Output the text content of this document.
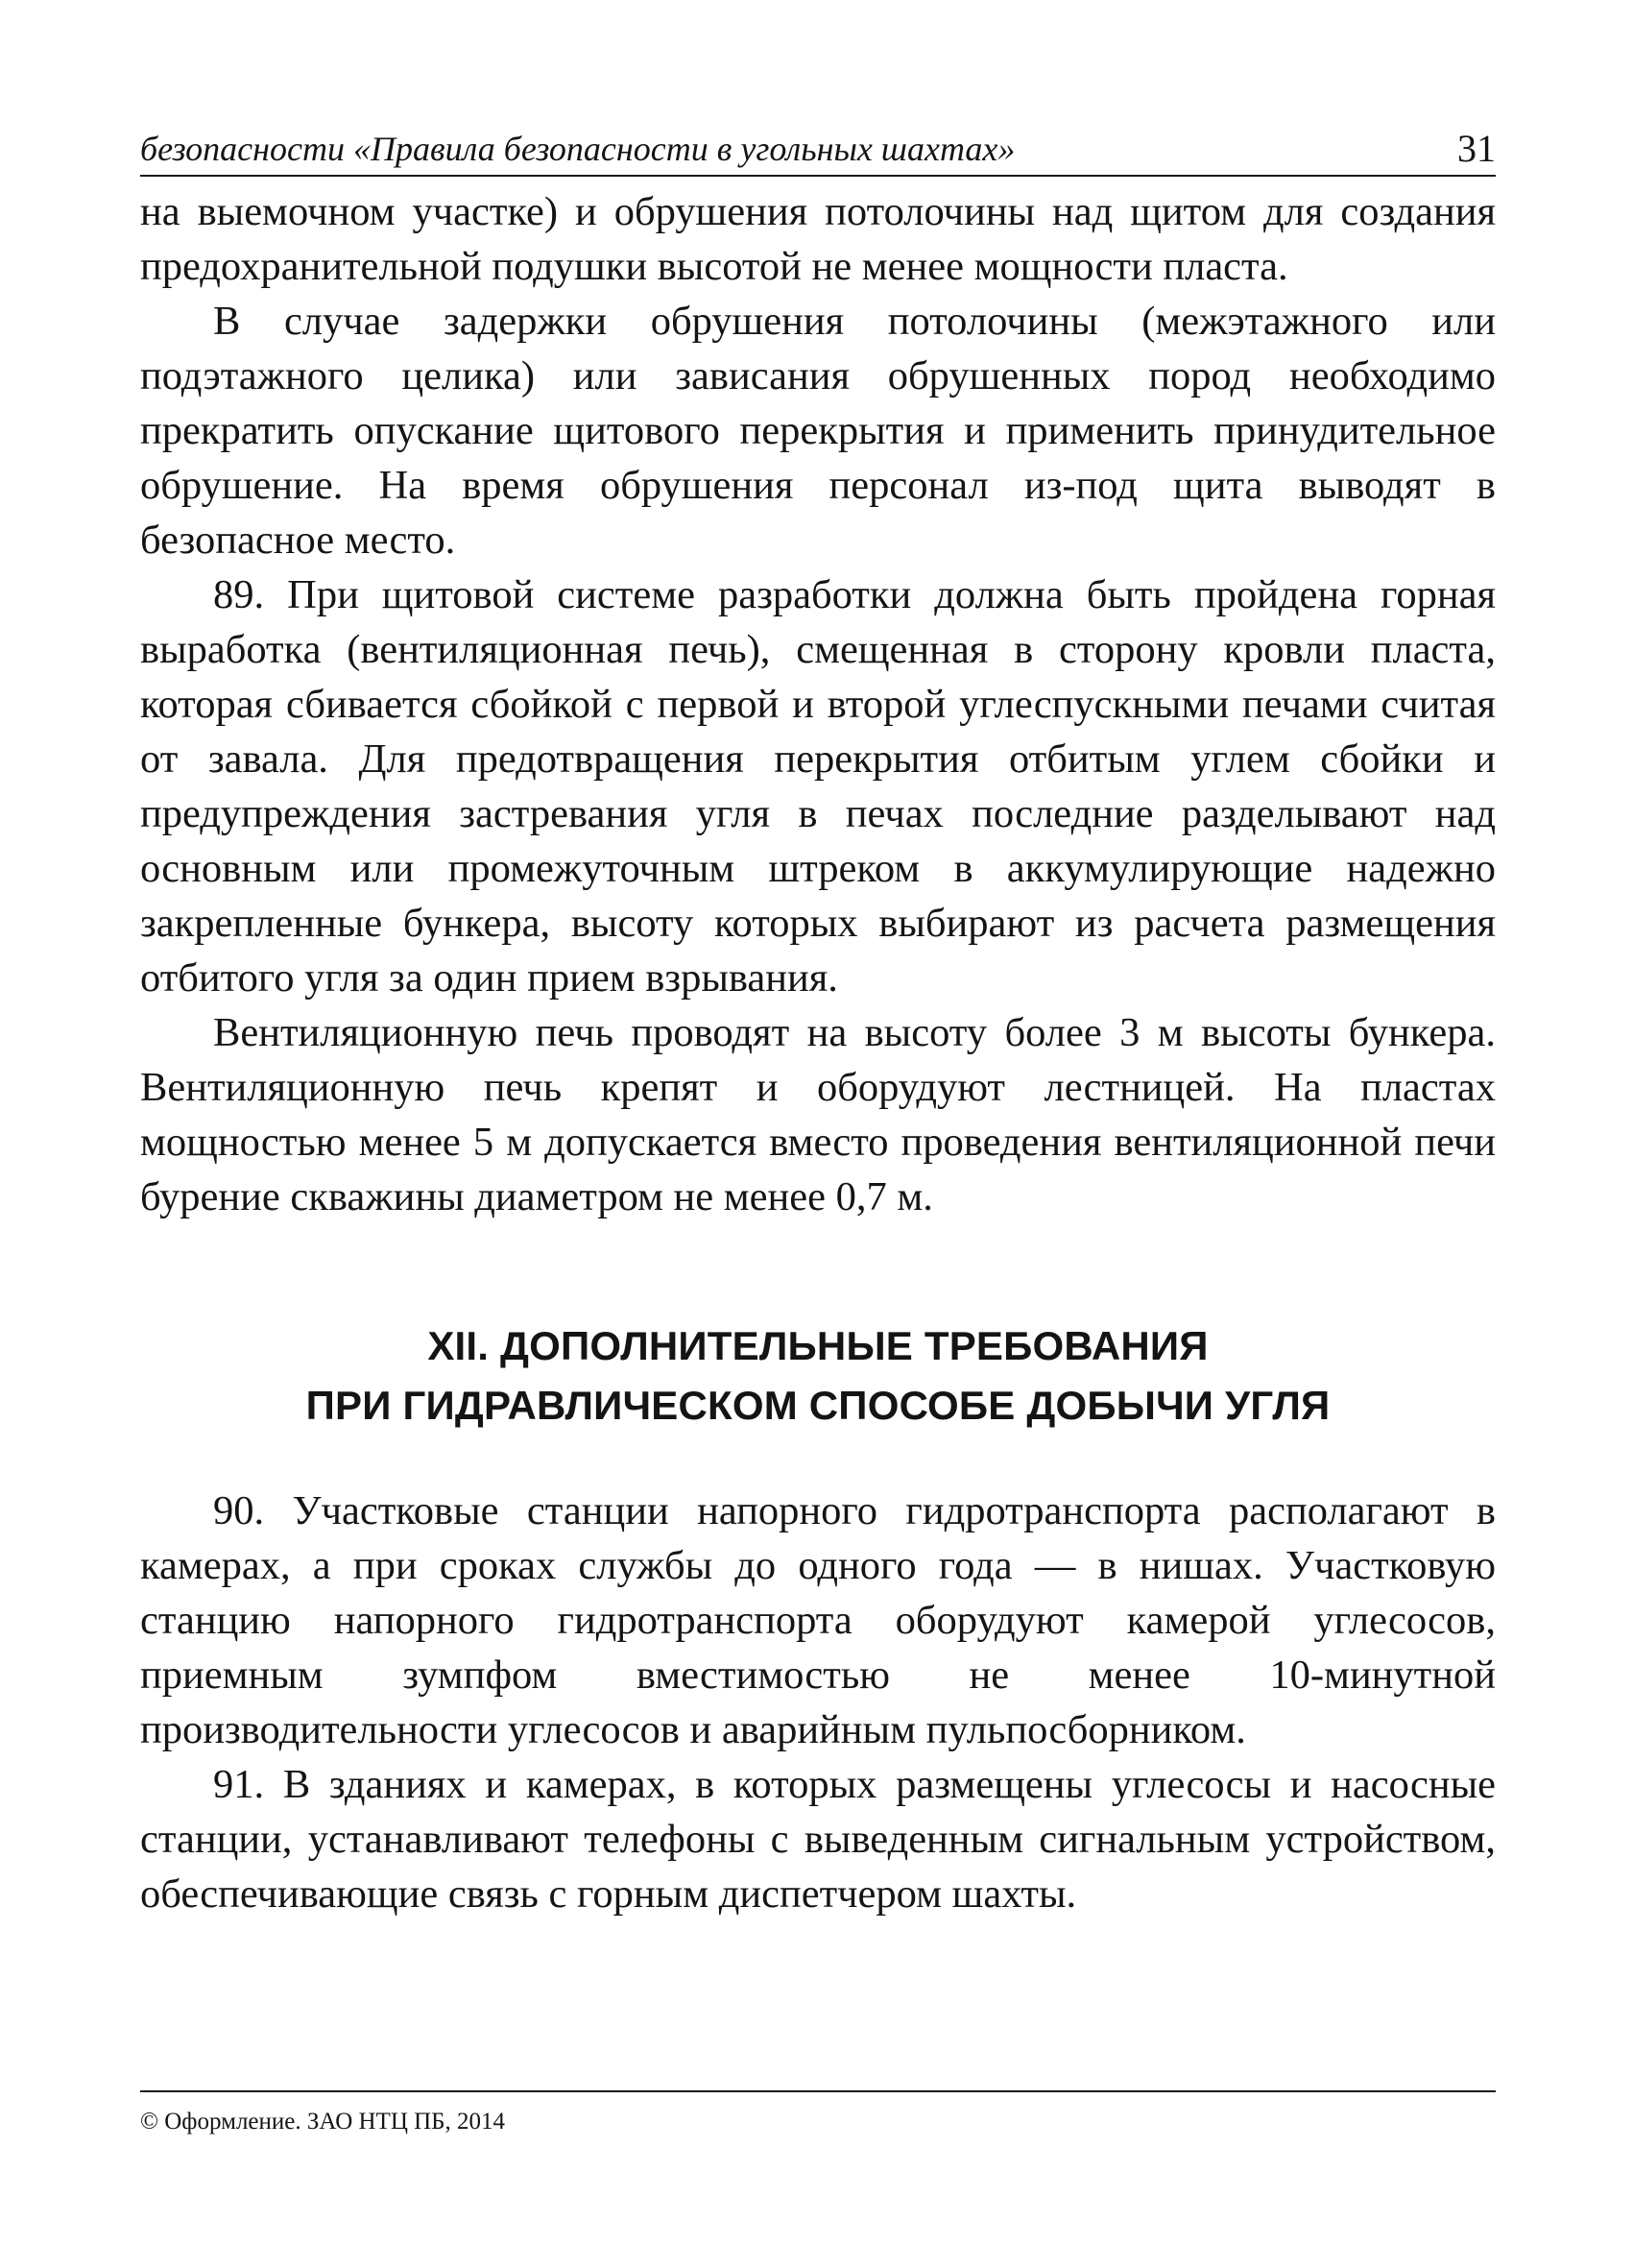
безопасности «Правила безопасности в угольных шахтах»	31

на выемочном участке) и обрушения потолочины над щитом для создания предохранительной подушки высотой не менее мощности пласта.

В случае задержки обрушения потолочины (межэтажного или подэтажного целика) или зависания обрушенных пород необходимо прекратить опускание щитового перекрытия и применить принудительное обрушение. На время обрушения персонал из-под щита выводят в безопасное место.

89. При щитовой системе разработки должна быть пройдена горная выработка (вентиляционная печь), смещенная в сторону кровли пласта, которая сбивается сбойкой с первой и второй углеспускными печами считая от завала. Для предотвращения перекрытия отбитым углем сбойки и предупреждения застревания угля в печах последние разделывают над основным или промежуточным штреком в аккумулирующие надежно закрепленные бункера, высоту которых выбирают из расчета размещения отбитого угля за один прием взрывания.

Вентиляционную печь проводят на высоту более 3 м высоты бункера. Вентиляционную печь крепят и оборудуют лестницей. На пластах мощностью менее 5 м допускается вместо проведения вентиляционной печи бурение скважины диаметром не менее 0,7 м.

XII. ДОПОЛНИТЕЛЬНЫЕ ТРЕБОВАНИЯ
ПРИ ГИДРАВЛИЧЕСКОМ СПОСОБЕ ДОБЫЧИ УГЛЯ

90. Участковые станции напорного гидротранспорта располагают в камерах, а при сроках службы до одного года — в нишах. Участковую станцию напорного гидротранспорта оборудуют камерой углесосов, приемным зумпфом вместимостью не менее 10-минутной производительности углесосов и аварийным пульпосборником.

91. В зданиях и камерах, в которых размещены углесосы и насосные станции, устанавливают телефоны с выведенным сигнальным устройством, обеспечивающие связь с горным диспетчером шахты.

© Оформление. ЗАО НТЦ ПБ, 2014
